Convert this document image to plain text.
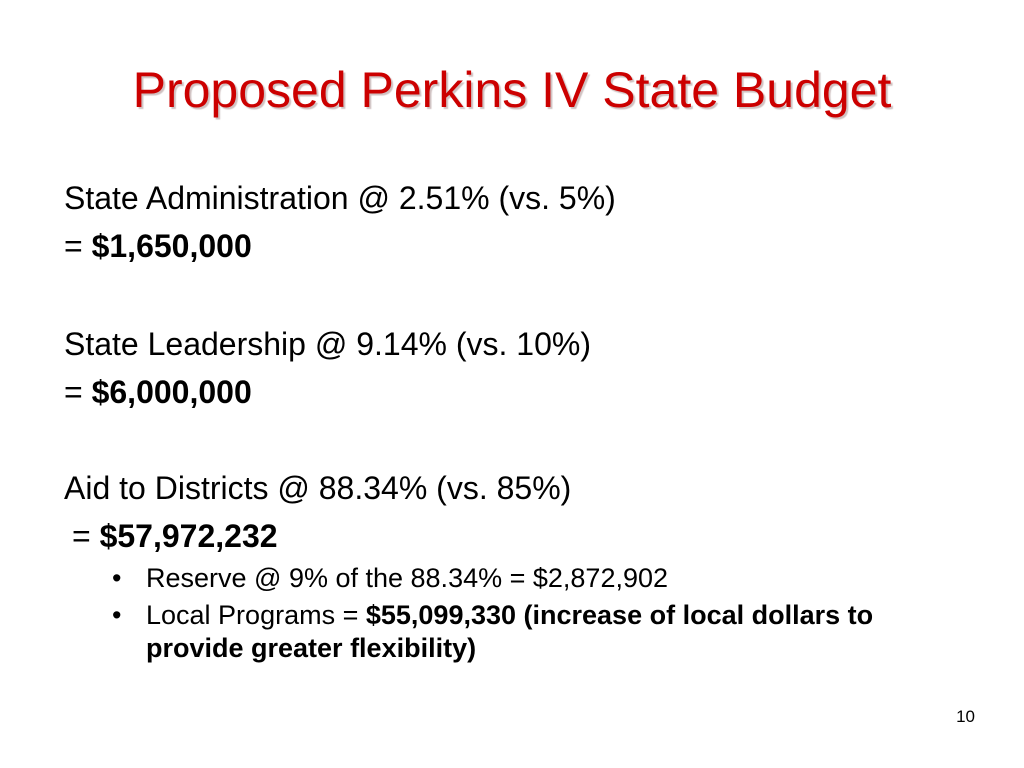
Proposed Perkins IV State Budget
State Administration @ 2.51% (vs. 5%)
= $1,650,000
State Leadership @ 9.14% (vs. 10%)
= $6,000,000
Aid to Districts @ 88.34% (vs. 85%)
= $57,972,232
• Reserve @ 9% of the 88.34% = $2,872,902
• Local Programs = $55,099,330 (increase of local dollars to provide greater flexibility)
10
